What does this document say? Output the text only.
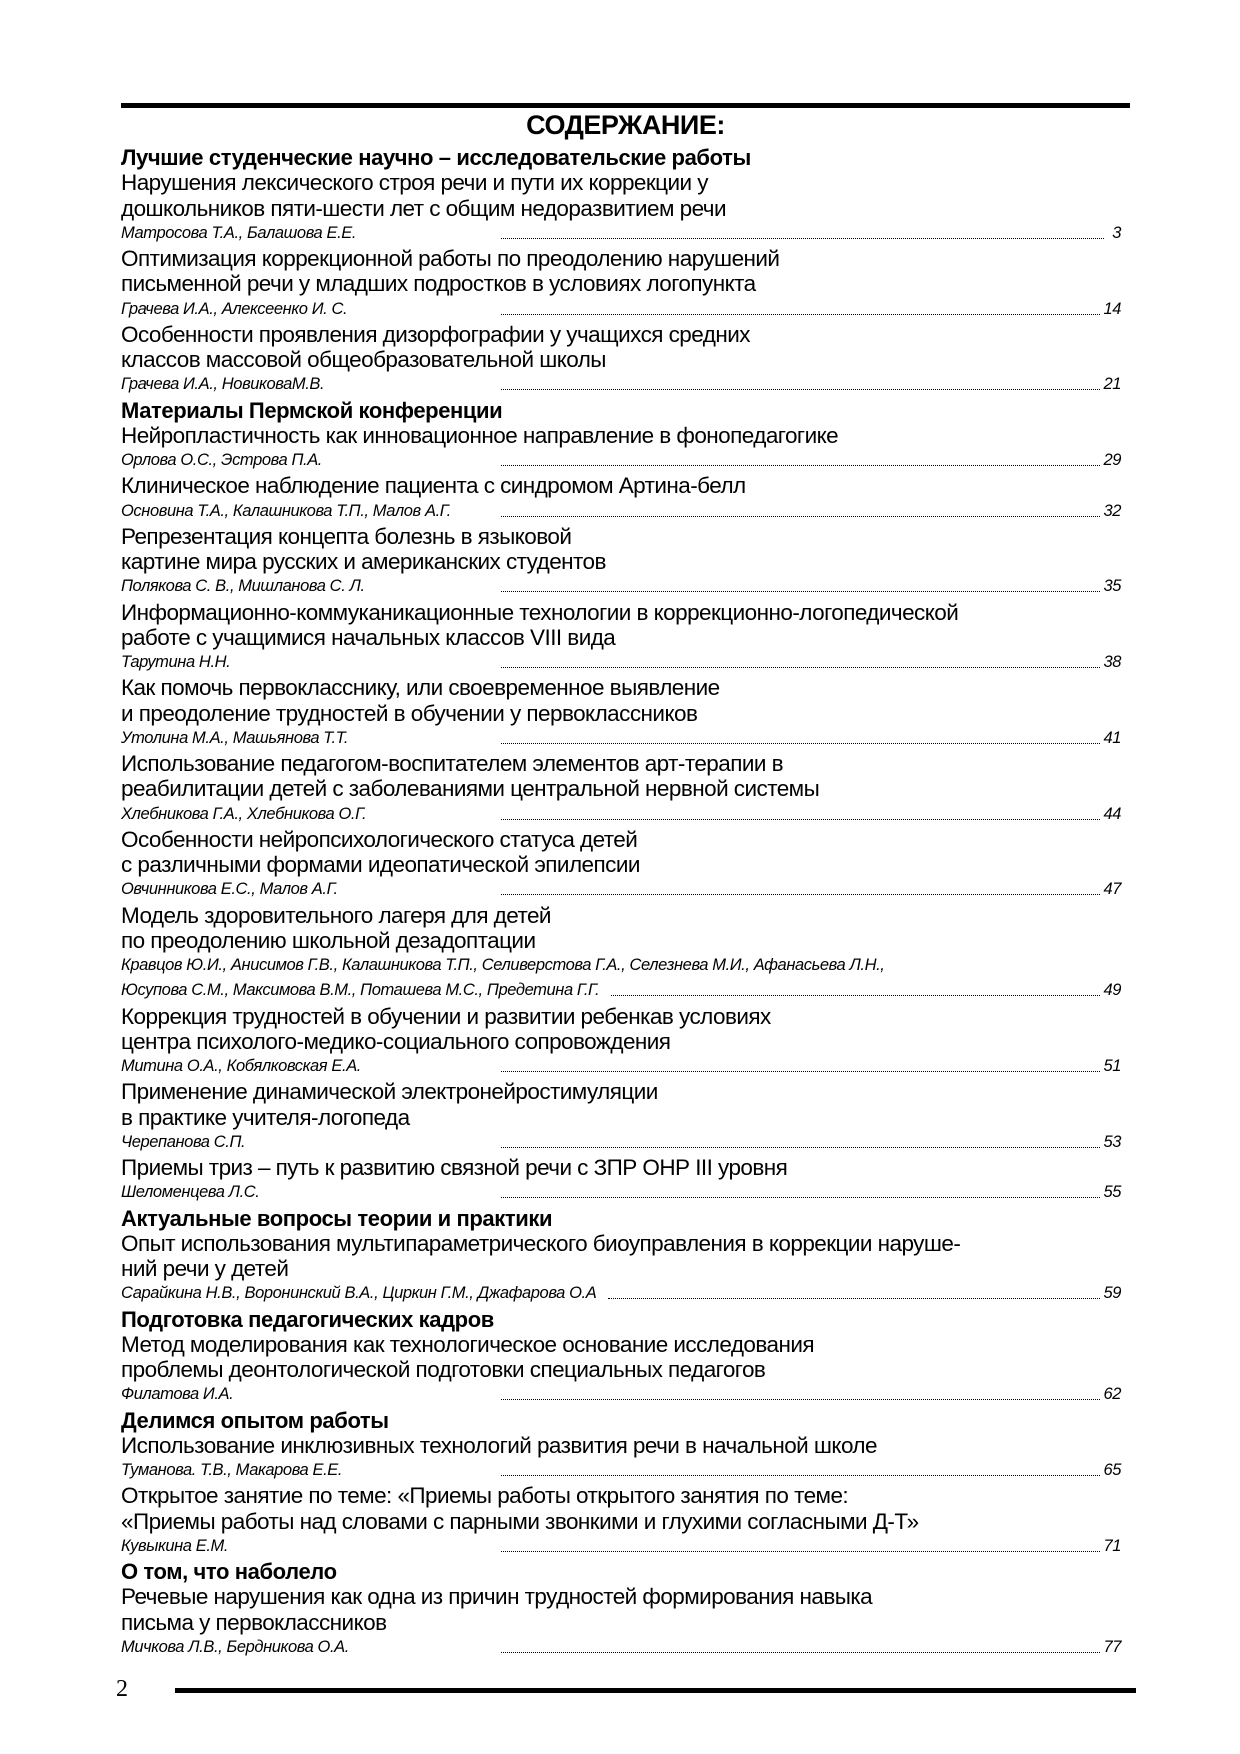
СОДЕРЖАНИЕ:
Лучшие студенческие научно – исследовательские работы
Нарушения лексического строя речи и пути их коррекции у
дошкольников пяти-шести лет с общим недоразвитием речи
Матросова Т.А., Балашова Е.Е.	3
Оптимизация коррекционной работы по преодолению нарушений
письменной речи у младших подростков в условиях логопункта
Грачева И.А., Алексеенко И. С.	14
Особенности проявления дизорфографии у учащихся средних
классов массовой общеобразовательной школы
Грачева И.А., НовиковаМ.В.	21
Материалы Пермской конференции
Нейропластичность как инновационное направление в фонопедагогике
Орлова О.С., Эстрова П.А.	29
Клиническое наблюдение пациента с синдромом Артина-белл
Основина Т.А., Калашникова Т.П., Малов А.Г.	32
Репрезентация концепта болезнь в языковой
картине мира русских и американских студентов
Полякова С. В., Мишланова С. Л.	35
Информационно-коммуканикационные технологии в коррекционно-логопедической
работе с учащимися начальных классов VIII вида
Тарутина Н.Н.	38
Как помочь первокласснику, или своевременное выявление
и преодоление трудностей в обучении у первоклассников
Утолина М.А., Машьянова Т.Т.	41
Использование педагогом-воспитателем элементов арт-терапии в
реабилитации детей с заболеваниями центральной нервной системы
Хлебникова Г.А., Хлебникова О.Г.	44
Особенности нейропсихологического статуса детей
с различными формами идеопатической эпилепсии
Овчинникова Е.С., Малов А.Г.	47
Модель здоровительного лагеря для детей
по преодолению школьной дезадоптации
Кравцов Ю.И., Анисимов Г.В., Калашникова Т.П., Селиверстова Г.А., Селезнева М.И., Афанасьева Л.Н.,
Юсупова С.М., Максимова В.М., Поташева М.С., Предетина Г.Г.	49
Коррекция трудностей в обучении и развитии ребенкав условиях
центра психолого-медико-социального сопровождения
Митина О.А., Кобялковская Е.А.	51
Применение динамической электронейростимуляции
в практике учителя-логопеда
Черепанова С.П.	53
Приемы триз – путь к развитию связной речи с ЗПР ОНР III уровня
Шеломенцева Л.С.	55
Актуальные вопросы теории и практики
Опыт использования мультипараметрического биоуправления в коррекции наруше-
ний речи у детей
Сарайкина Н.В., Воронинский В.А., Циркин Г.М., Джафарова О.А	59
Подготовка педагогических кадров
Метод моделирования как технологическое основание исследования
проблемы деонтологической подготовки специальных педагогов
Филатова И.А.	62
Делимся опытом работы
Использование инклюзивных технологий развития речи в начальной школе
Туманова. Т.В., Макарова Е.Е.	65
Открытое занятие по теме: «Приемы работы открытого занятия по теме:
«Приемы работы над словами с парными звонкими и глухими согласными Д-Т»
Кувыкина Е.М.	71
О том, что наболело
Речевые нарушения как одна из причин трудностей формирования навыка
письма у первоклассников
Мичкова Л.В., Бердникова О.А.	77
2
